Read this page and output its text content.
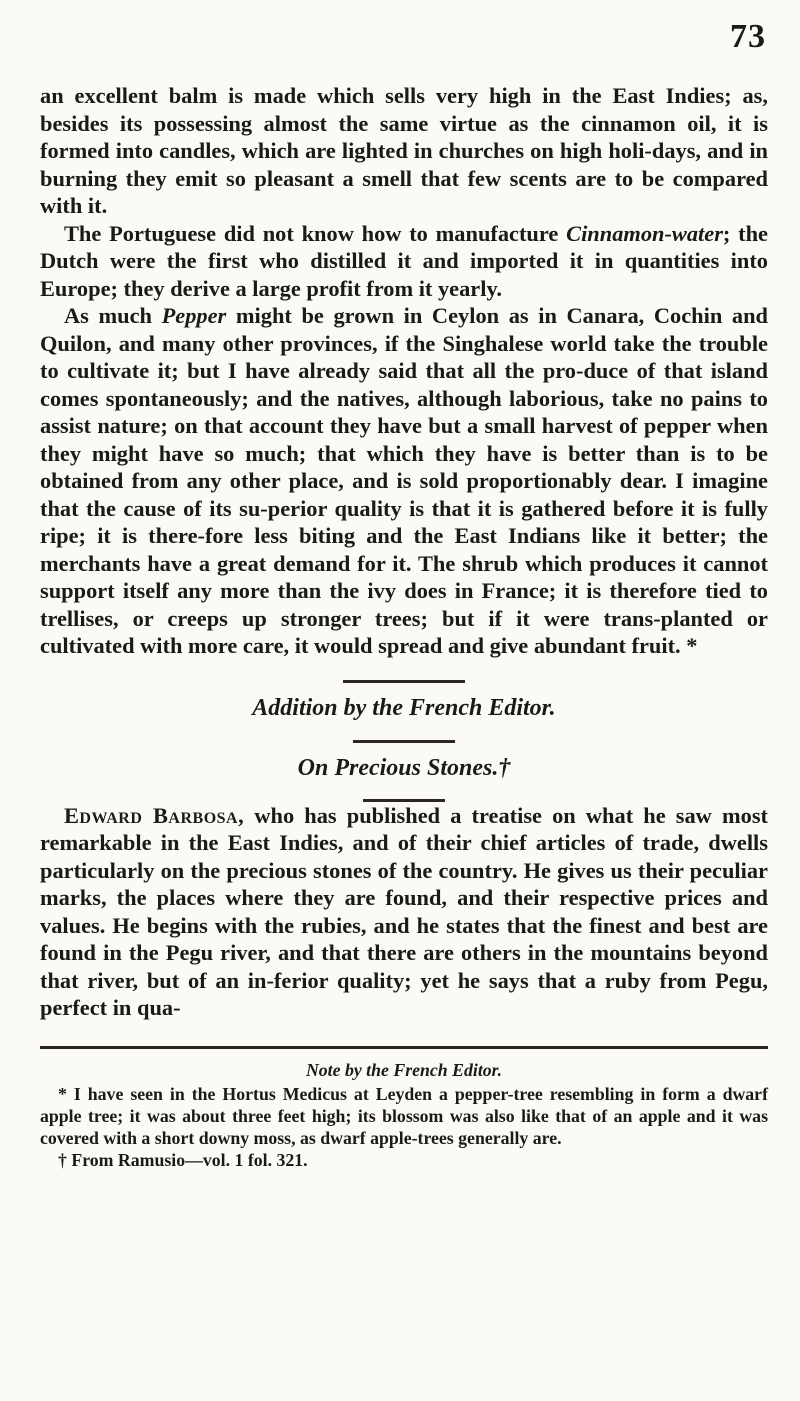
73

an excellent balm is made which sells very high in the East Indies; as, besides its possessing almost the same virtue as the cinnamon oil, it is formed into candles, which are lighted in churches on high holi-days, and in burning they emit so pleasant a smell that few scents are to be compared with it.

The Portuguese did not know how to manufacture Cinnamon-water; the Dutch were the first who distilled it and imported it in quantities into Europe; they derive a large profit from it yearly.

As much Pepper might be grown in Ceylon as in Canara, Cochin and Quilon, and many other provinces, if the Singhalese world take the trouble to cultivate it; but I have already said that all the pro-duce of that island comes spontaneously; and the natives, although laborious, take no pains to assist nature; on that account they have but a small harvest of pepper when they might have so much; that which they have is better than is to be obtained from any other place, and is sold proportionably dear. I imagine that the cause of its su-perior quality is that it is gathered before it is fully ripe; it is there-fore less biting and the East Indians like it better; the merchants have a great demand for it. The shrub which produces it cannot support itself any more than the ivy does in France; it is therefore tied to trellises, or creeps up stronger trees; but if it were trans-planted or cultivated with more care, it would spread and give abundant fruit. *

Addition by the French Editor.
On Precious Stones.†

Edward Barbosa, who has published a treatise on what he saw most remarkable in the East Indies, and of their chief articles of trade, dwells particularly on the precious stones of the country. He gives us their peculiar marks, the places where they are found, and their respective prices and values. He begins with the rubies, and he states that the finest and best are found in the Pegu river, and that there are others in the mountains beyond that river, but of an in-ferior quality; yet he says that a ruby from Pegu, perfect in qua-

Note by the French Editor.

* I have seen in the Hortus Medicus at Leyden a pepper-tree resembling in form a dwarf apple tree; it was about three feet high; its blossom was also like that of an apple and it was covered with a short downy moss, as dwarf apple-trees generally are.

† From Ramusio—vol. 1 fol. 321.
